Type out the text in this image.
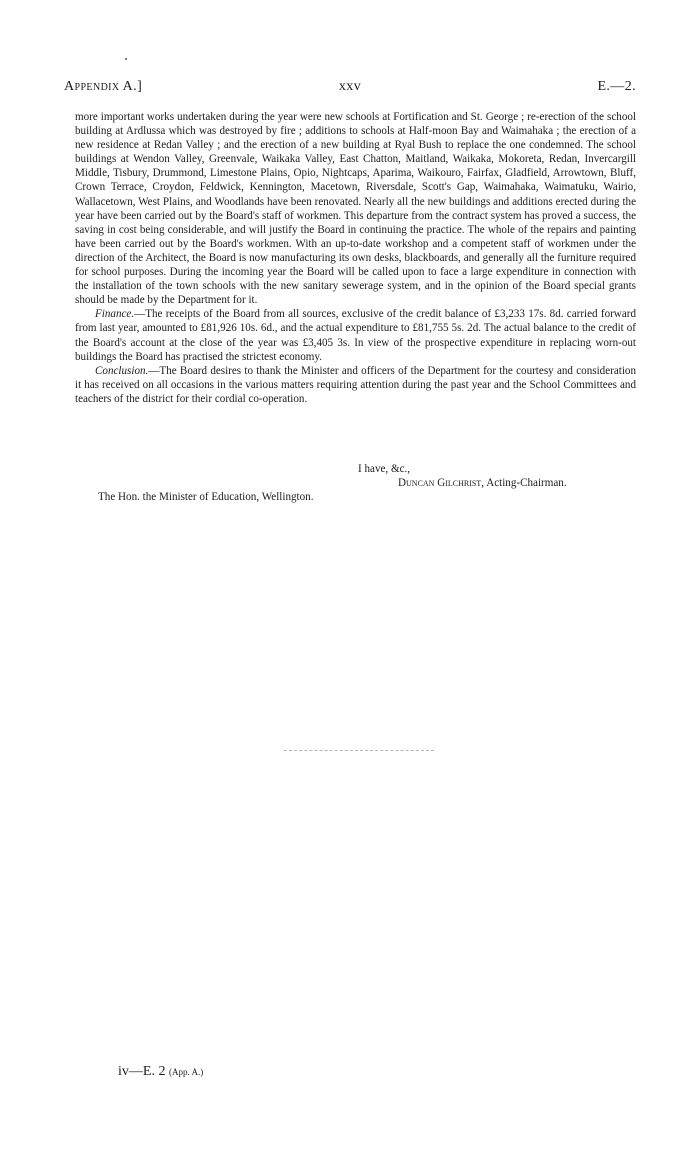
Appendix A.]	xxv	E.—2.

more important works undertaken during the year were new schools at Fortification and St. George ; re-erection of the school building at Ardlussa which was destroyed by fire ; additions to schools at Half-moon Bay and Waimahaka ; the erection of a new residence at Redan Valley ; and the erection of a new building at Ryal Bush to replace the one condemned. The school buildings at Wendon Valley, Greenvale, Waikaka Valley, East Chatton, Maitland, Waikaka, Mokoreta, Redan, Invercargill Middle, Tisbury, Drummond, Limestone Plains, Opio, Nightcaps, Aparima, Waikouro, Fairfax, Gladfield, Arrowtown, Bluff, Crown Terrace, Croydon, Feldwick, Kennington, Macetown, Riversdale, Scott's Gap, Waimahaka, Waimatuku, Wairio, Wallacetown, West Plains, and Woodlands have been renovated. Nearly all the new buildings and additions erected during the year have been carried out by the Board's staff of workmen. This departure from the contract system has proved a success, the saving in cost being considerable, and will justify the Board in continuing the practice. The whole of the repairs and painting have been carried out by the Board's workmen. With an up-to-date workshop and a competent staff of workmen under the direction of the Architect, the Board is now manufacturing its own desks, blackboards, and generally all the furniture required for school purposes. During the incoming year the Board will be called upon to face a large expenditure in connection with the installation of the town schools with the new sanitary sewerage system, and in the opinion of the Board special grants should be made by the Department for it.

Finance.—The receipts of the Board from all sources, exclusive of the credit balance of £3,233 17s. 8d. carried forward from last year, amounted to £81,926 10s. 6d., and the actual expenditure to £81,755 5s. 2d. The actual balance to the credit of the Board's account at the close of the year was £3,405 3s. In view of the prospective expenditure in replacing worn-out buildings the Board has practised the strictest economy.

Conclusion.—The Board desires to thank the Minister and officers of the Department for the courtesy and consideration it has received on all occasions in the various matters requiring attention during the past year and the School Committees and teachers of the district for their cordial co-operation.

I have, &c.,
Duncan Gilchrist, Acting-Chairman.
The Hon. the Minister of Education, Wellington.
iv—E. 2 (App. A.)
